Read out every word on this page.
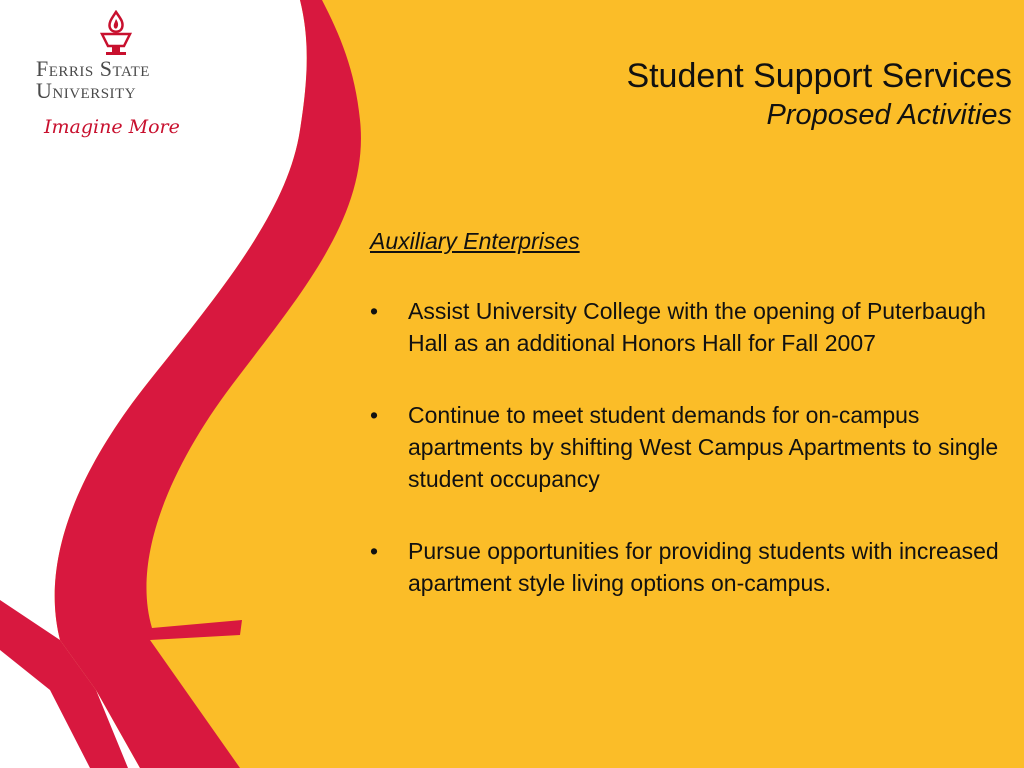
Ferris State
University
Imagine More
Student Support Services
Proposed Activities
Auxiliary Enterprises
• Assist University College with the opening of Puterbaugh Hall as an additional Honors Hall for Fall 2007
• Continue to meet student demands for on-campus apartments by shifting West Campus Apartments to single student occupancy
• Pursue opportunities for providing students with increased apartment style living options on-campus.
